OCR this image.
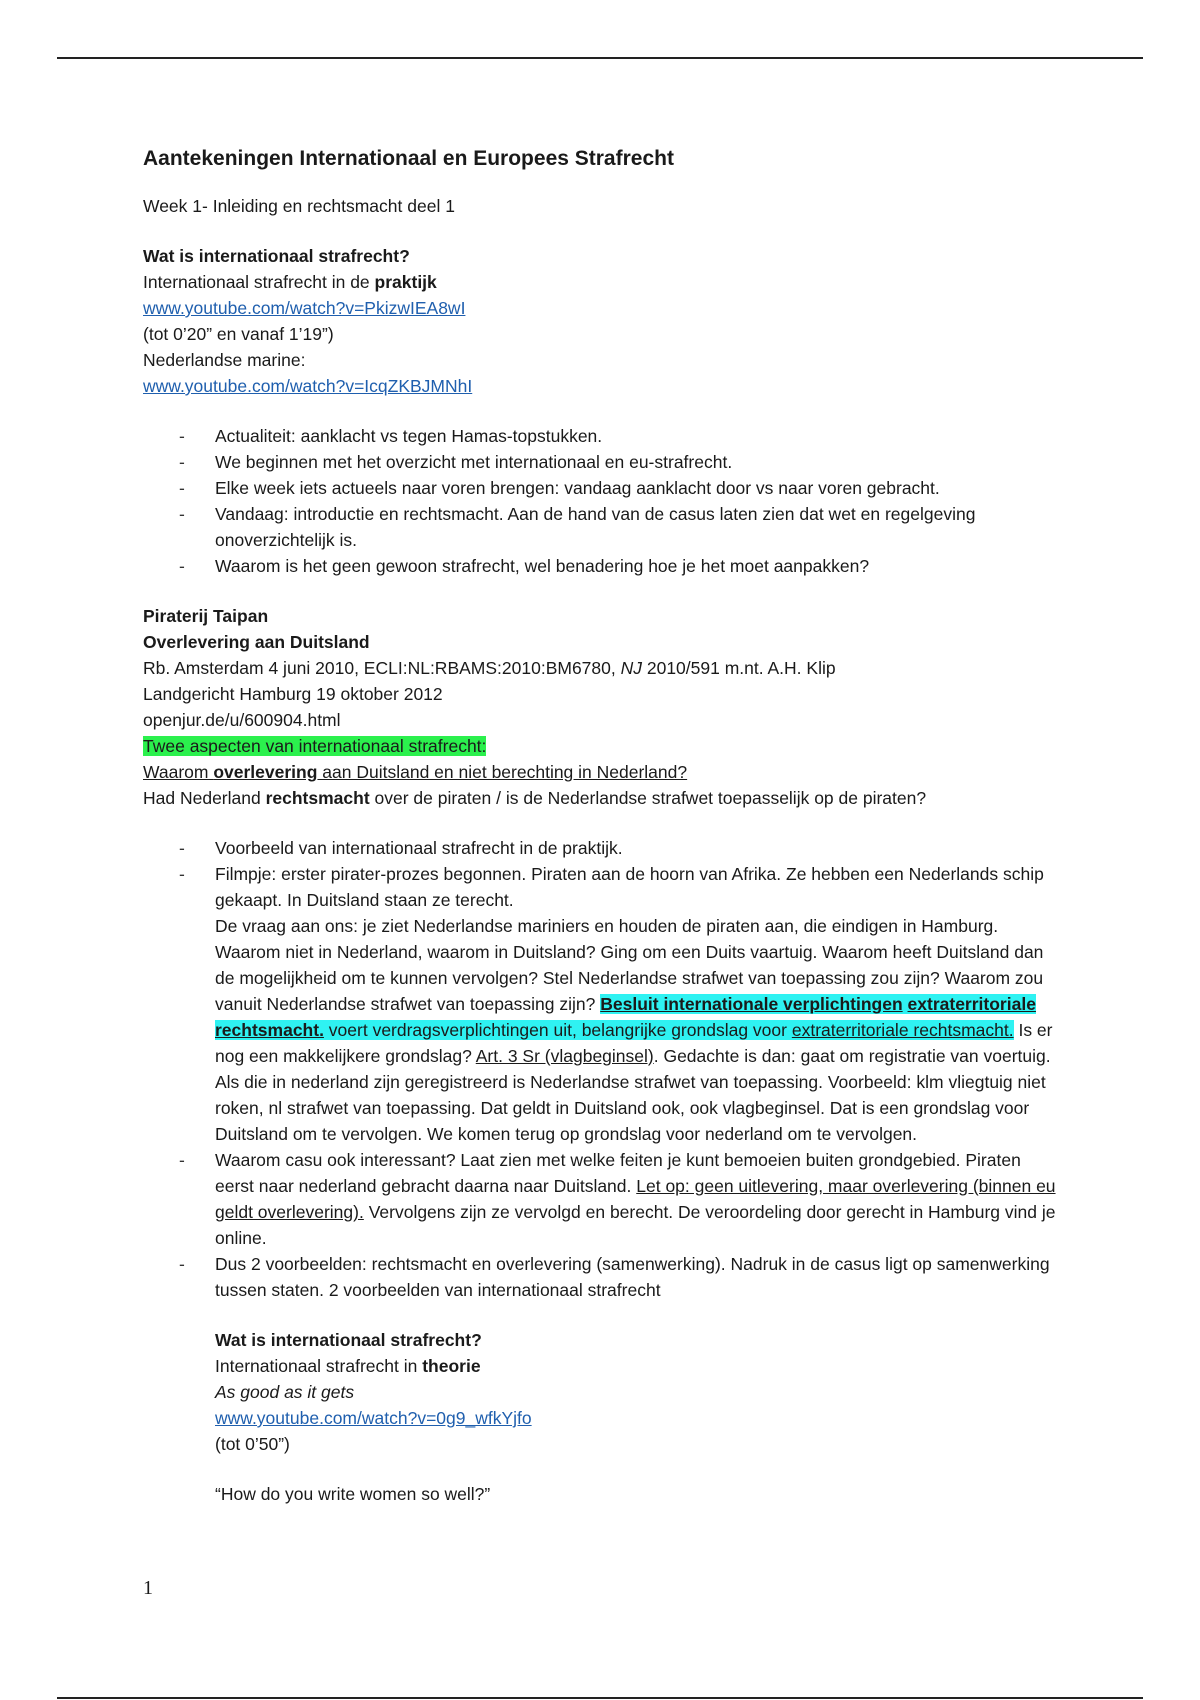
Aantekeningen Internationaal en Europees Strafrecht

Week 1- Inleiding en rechtsmacht deel 1

Wat is internationaal strafrecht?

Internationaal strafrecht in de praktijk

www.youtube.com/watch?v=PkizwIEA8wI

(tot 0’20” en vanaf 1’19”)

Nederlandse marine:

www.youtube.com/watch?v=IcqZKBJMNhI

- Actualiteit: aanklacht vs tegen Hamas-topstukken.
- We beginnen met het overzicht met internationaal en eu-strafrecht.
- Elke week iets actueels naar voren brengen: vandaag aanklacht door vs naar voren gebracht.
- Vandaag: introductie en rechtsmacht. Aan de hand van de casus laten zien dat wet en regelgeving onoverzichtelijk is.
- Waarom is het geen gewoon strafrecht, wel benadering hoe je het moet aanpakken?

Piraterij Taipan

Overlevering aan Duitsland

Rb. Amsterdam 4 juni 2010, ECLI:NL:RBAMS:2010:BM6780, NJ 2010/591 m.nt. A.H. Klip

Landgericht Hamburg 19 oktober 2012

openjur.de/u/600904.html

Twee aspecten van internationaal strafrecht:

Waarom overlevering aan Duitsland en niet berechting in Nederland?

Had Nederland rechtsmacht over de piraten / is de Nederlandse strafwet toepasselijk op de piraten?

- Voorbeeld van internationaal strafrecht in de praktijk.
- Filmpje: erster pirater-prozes begonnen. Piraten aan de hoorn van Afrika. Ze hebben een Nederlands schip gekaapt. In Duitsland staan ze terecht.
De vraag aan ons: je ziet Nederlandse mariniers en houden de piraten aan, die eindigen in Hamburg. Waarom niet in Nederland, waarom in Duitsland? Ging om een Duits vaartuig. Waarom heeft Duitsland dan de mogelijkheid om te kunnen vervolgen? Stel Nederlandse strafwet van toepassing zou zijn? Waarom zou vanuit Nederlandse strafwet van toepassing zijn? Besluit internationale verplichtingen extraterritoriale rechtsmacht. voert verdragsverplichtingen uit, belangrijke grondslag voor extraterritoriale rechtsmacht. Is er nog een makkelijkere grondslag? Art. 3 Sr (vlagbeginsel). Gedachte is dan: gaat om registratie van voertuig. Als die in nederland zijn geregistreerd is Nederlandse strafwet van toepassing. Voorbeeld: klm vliegtuig niet roken, nl strafwet van toepassing. Dat geldt in Duitsland ook, ook vlagbeginsel. Dat is een grondslag voor Duitsland om te vervolgen. We komen terug op grondslag voor nederland om te vervolgen.
- Waarom casu ook interessant? Laat zien met welke feiten je kunt bemoeien buiten grondgebied. Piraten eerst naar nederland gebracht daarna naar Duitsland. Let op: geen uitlevering, maar overlevering (binnen eu geldt overlevering). Vervolgens zijn ze vervolgd en berecht. De veroordeling door gerecht in Hamburg vind je online.
- Dus 2 voorbeelden: rechtsmacht en overlevering (samenwerking). Nadruk in de casus ligt op samenwerking tussen staten. 2 voorbeelden van internationaal strafrecht

Wat is internationaal strafrecht?

Internationaal strafrecht in theorie

As good as it gets

www.youtube.com/watch?v=0g9_wfkYjfo

(tot 0’50”)

“How do you write women so well?”

1
